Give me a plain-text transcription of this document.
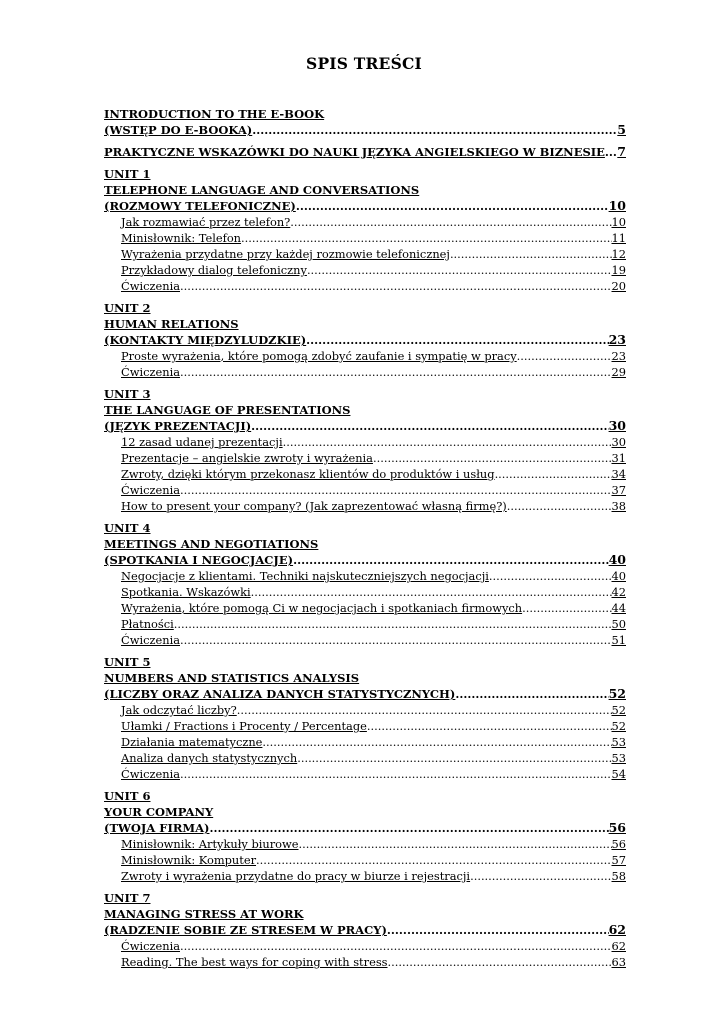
SPIS TREŚCI
INTRODUCTION TO THE E-BOOK
(WSTĘP DO E-BOOKA) .....	5
PRAKTYCZNE WSKAZÓWKI DO NAUKI JĘZYKA ANGIELSKIEGO W BIZNESIE ..... 7
UNIT 1
TELEPHONE LANGUAGE AND CONVERSATIONS
(ROZMOWY TELEFONICZNE) .....	10
Jak rozmawiać przez telefon? .....	10
Minisłownik: Telefon .....	11
Wyrażenia przydatne przy każdej rozmowie telefonicznej .....	12
Przykładowy dialog telefoniczny .....	19
Ćwiczenia .....	20
UNIT 2
HUMAN RELATIONS
(KONTAKTY MIĘDZYLUDZKIE) .....	23
Proste wyrażenia, które pomogą zdobyć zaufanie i sympatię w pracy .....	23
Ćwiczenia .....	29
UNIT 3
THE LANGUAGE OF PRESENTATIONS
(JĘZYK PREZENTACJI) .....	30
12 zasad udanej prezentacji .....	30
Prezentacje – angielskie zwroty i wyrażenia .....	31
Zwroty, dzięki którym przekonasz klientów do produktów i usług .....	34
Ćwiczenia .....	37
How to present your company? (Jak zaprezentować własną firmę?) .....	38
UNIT 4
MEETINGS AND NEGOTIATIONS
(SPOTKANIA I NEGOCJACJE) .....	40
Negocjacje z klientami. Techniki najskuteczniejszych negocjacji .....	40
Spotkania. Wskazówki .....	42
Wyrażenia, które pomogą Ci w negocjacjach i spotkaniach firmowych .....	44
Płatności .....	50
Ćwiczenia .....	51
UNIT 5
NUMBERS AND STATISTICS ANALYSIS
(LICZBY ORAZ ANALIZA DANYCH STATYSTYCZNYCH) .....	52
Jak odczytać liczby? .....	52
Ułamki / Fractions i Procenty / Percentage .....	52
Działania matematyczne .....	53
Analiza danych statystycznych .....	53
Ćwiczenia .....	54
UNIT 6
YOUR COMPANY
(TWOJA FIRMA) .....	56
Minisłownik: Artykuły biurowe .....	56
Minisłownik: Komputer .....	57
Zwroty i wyrażenia przydatne do pracy w biurze i rejestracji .....	58
UNIT 7
MANAGING STRESS AT WORK
(RADZENIE SOBIE ZE STRESEM W PRACY) .....	62
Ćwiczenia .....	62
Reading. The best ways for coping with stress .....	63
